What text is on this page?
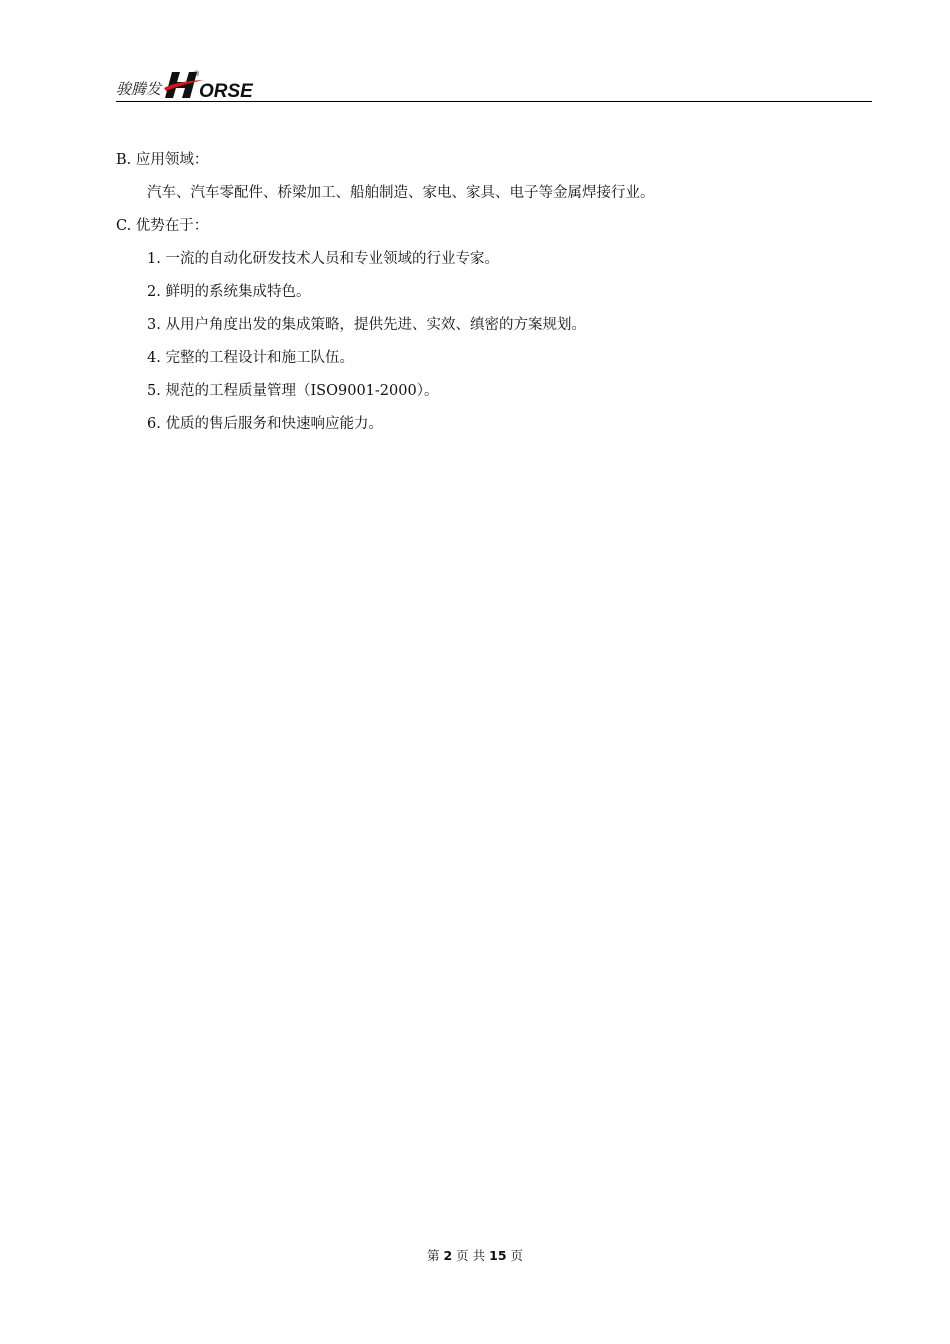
骏腾发 ORSE
®
B. 应用领域：
汽车、汽车零配件、桥梁加工、船舶制造、家电、家具、电子等金属焊接行业。
C. 优势在于：
1. 一流的自动化研发技术人员和专业领域的行业专家。
2. 鲜明的系统集成特色。
3. 从用户角度出发的集成策略，提供先进、实效、缜密的方案规划。
4. 完整的工程设计和施工队伍。
5. 规范的工程质量管理（ISO9001-2000）。
6. 优质的售后服务和快速响应能力。
第 2 页 共 15 页
